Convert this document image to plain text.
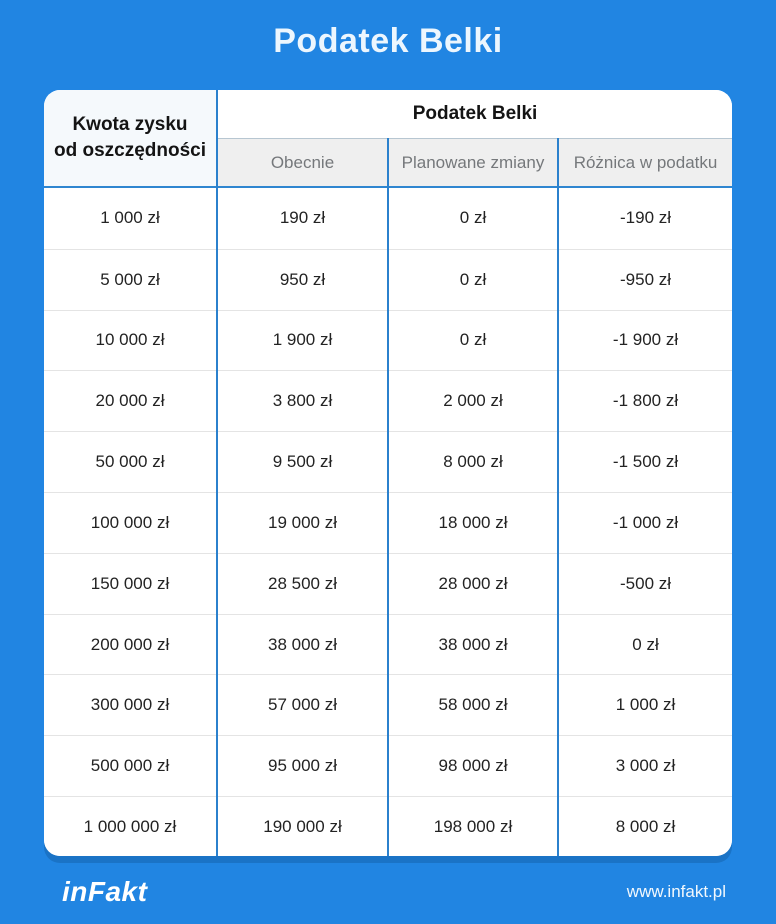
Podatek Belki
Kwota zysku
od oszczędności	Podatek Belki		
	Obecnie	Planowane zmiany	Różnica w podatku
1 000 zł	190 zł	0 zł	-190 zł
5 000 zł	950 zł	0 zł	-950 zł
10 000 zł	1 900 zł	0 zł	-1 900 zł
20 000 zł	3 800 zł	2 000 zł	-1 800 zł
50 000 zł	9 500 zł	8 000 zł	-1 500 zł
100 000 zł	19 000 zł	18 000 zł	-1 000 zł
150 000 zł	28 500 zł	28 000 zł	-500 zł
200 000 zł	38 000 zł	38 000 zł	0 zł
300 000 zł	57 000 zł	58 000 zł	1 000 zł
500 000 zł	95 000 zł	98 000 zł	3 000 zł
1 000 000 zł	190 000 zł	198 000 zł	8 000 zł
inFakt	www.infakt.pl
